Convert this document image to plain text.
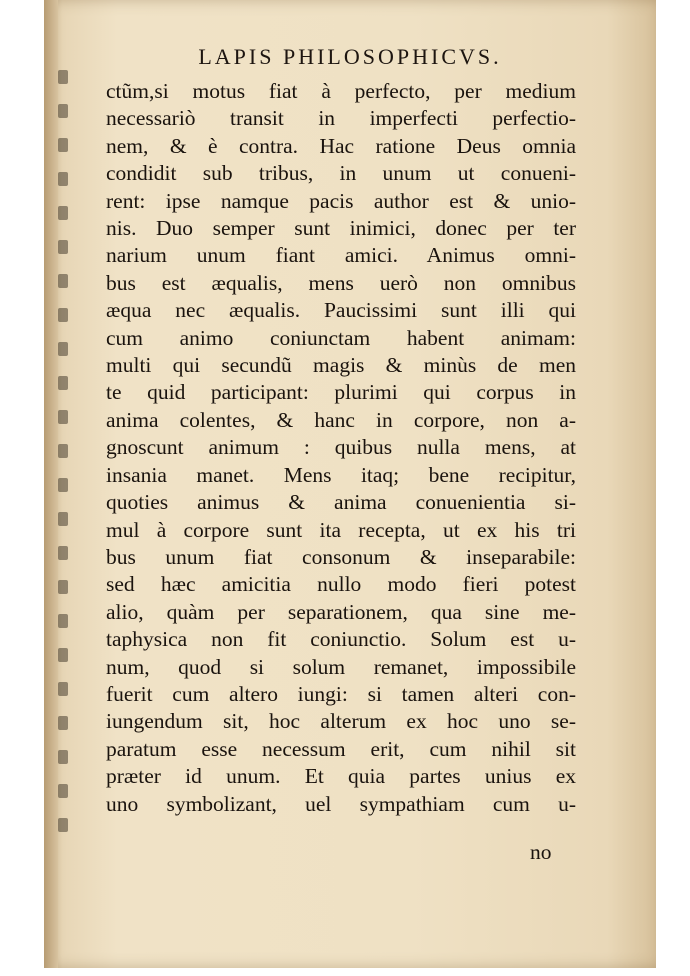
LAPIS PHILOSOPHICVS.
ctũm,si motus fiat à perfecto, per medium
necessariò transit in imperfecti perfectio-
nem, & è contra. Hac ratione Deus omnia
condidit sub tribus, in unum ut conueni-
rent: ipse namque pacis author est & unio-
nis. Duo semper sunt inimici, donec per ter
narium unum fiant amici. Animus omni-
bus est æqualis, mens uerò non omnibus
æqua nec æqualis. Paucissimi sunt illi qui
cum animo coniunctam habent animam:
multi qui secundũ magis & minùs de men
te quid participant: plurimi qui corpus in
anima colentes, & hanc in corpore, non a-
gnoscunt animum : quibus nulla mens, at
insania manet. Mens itaq; bene recipitur,
quoties animus & anima conuenientia si-
mul à corpore sunt ita recepta, ut ex his tri
bus unum fiat consonum & inseparabile:
sed hæc amicitia nullo modo fieri potest
alio, quàm per separationem, qua sine me-
taphysica non fit coniunctio. Solum est u-
num, quod si solum remanet, impossibile
fuerit cum altero iungi: si tamen alteri con-
iungendum sit, hoc alterum ex hoc uno se-
paratum esse necessum erit, cum nihil sit
præter id unum. Et quia partes unius ex
uno symbolizant, uel sympathiam cum u-
no
